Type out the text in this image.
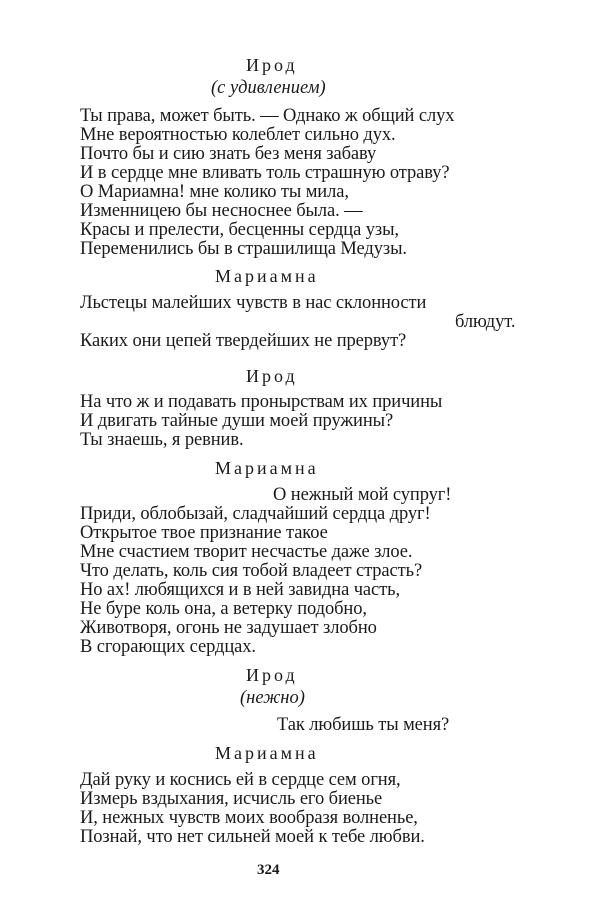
Ирод
(с удивлением)
Ты права, может быть. — Однако ж общий слух
Мне вероятностью колеблет сильно дух.
Почто бы и сию знать без меня забаву
И в сердце мне вливать толь страшную отраву?
О Мариамна! мне колико ты мила,
Изменницею бы несноснее была. —
Красы и прелести, бесценны сердца узы,
Переменились бы в страшилища Медузы.
Мариамна
Льстецы малейших чувств в нас склонности
блюдут.
Каких они цепей твердейших не прервут?
Ирод
На что ж и подавать пронырствам их причины
И двигать тайные души моей пружины?
Ты знаешь, я ревнив.
Мариамна
О нежный мой супруг!
Приди, облобызай, сладчайший сердца друг!
Открытое твое признание такое
Мне счастием творит несчастье даже злое.
Что делать, коль сия тобой владеет страсть?
Но ах! любящихся и в ней завидна часть,
Не буре коль она, а ветерку подобно,
Животворя, огонь не задушает злобно
В сгорающих сердцах.
Ирод
(нежно)
Так любишь ты меня?
Мариамна
Дай руку и коснись ей в сердце сем огня,
Измерь вздыхания, исчисль его биенье
И, нежных чувств моих вообразя волненье,
Познай, что нет сильней моей к тебе любви.
324
